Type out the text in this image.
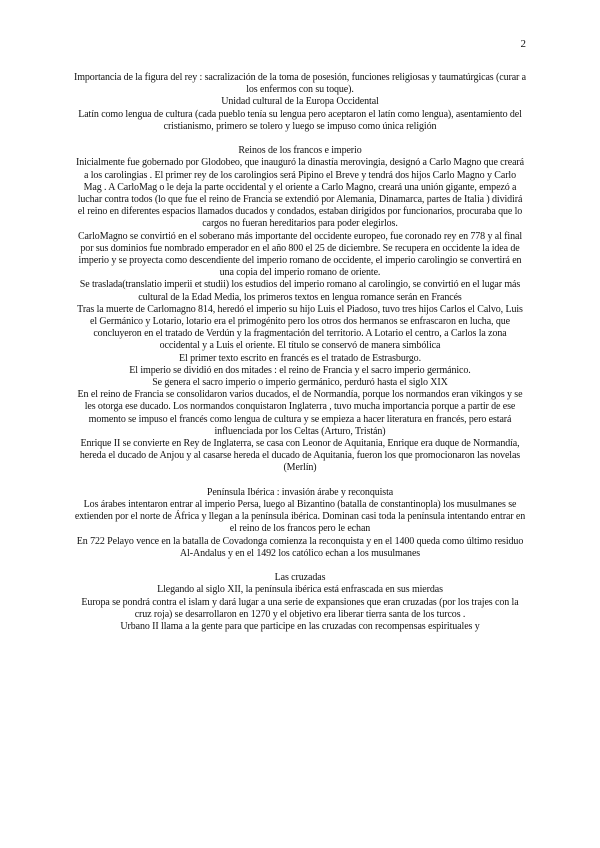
2

Importancia de la figura del rey : sacralización de la toma de posesión, funciones religiosas y taumatúrgicas (curar a los enfermos con su toque).

Unidad cultural de la Europa Occidental

Latín como lengua de cultura (cada pueblo tenía su lengua pero aceptaron el latín como lengua), asentamiento del cristianismo, primero se tolero y luego se impuso como única religión

Reinos de los francos e imperio

Inicialmente fue gobernado por Glodobeo, que inauguró la dinastía merovingia, designó a Carlo Magno que creará a los carolingias . El primer rey de los carolingios será Pipino el Breve y tendrá dos hijos Carlo Magno y Carlo Mag . A CarloMag o le deja la parte occidental y el oriente a Carlo Magno, creará una unión gigante, empezó a luchar contra todos (lo que fue el reino de Francia se extendió por Alemania, Dinamarca, partes de Italia ) dividirá el reino en diferentes espacios llamados ducados y condados, estaban dirigidos por funcionarios, procuraba que lo cargos no fueran hereditarios para poder elegirlos.

CarloMagno se convirtió en el soberano más importante del occidente europeo, fue coronado rey en 778 y al final por sus dominios fue nombrado emperador en el año 800 el 25 de diciembre. Se recupera en occidente la idea de imperio y se proyecta como descendiente del imperio romano de occidente, el imperio carolingio se convertirá en una copia del imperio romano de oriente.

Se traslada(translatio imperii et studii) los estudios del imperio romano al carolingio, se convirtió en el lugar más cultural de la Edad Media, los primeros textos en lengua romance serán en Francés

Tras la muerte de Carlomagno 814, heredó el imperio su hijo Luis el Piadoso, tuvo tres hijos Carlos el Calvo, Luis el Germánico y Lotario, lotario era el primogénito pero los otros dos hermanos se enfrascaron en lucha, que concluyeron en el tratado de Verdún y la fragmentación del territorio. A Lotario el centro, a Carlos la zona occidental y a Luis el oriente. El título se conservó de manera simbólica

El primer texto escrito en francés es el tratado de Estrasburgo.

El imperio se dividió en dos mitades : el reino de Francia y el sacro imperio germánico.

Se genera el sacro imperio o imperio germánico, perduró hasta el siglo XIX

En el reino de Francia se consolidaron varios ducados, el de Normandía, porque los normandos eran vikingos y se les otorga ese ducado. Los normandos conquistaron Inglaterra , tuvo mucha importancia porque a partir de ese momento se impuso el francés como lengua de cultura y se empieza a hacer literatura en francés, pero estará influenciada por los Celtas (Arturo, Tristán)

Enrique II se convierte en Rey de Inglaterra, se casa con Leonor de Aquitania, Enrique era duque de Normandía, hereda el ducado de Anjou y al casarse hereda el ducado de Aquitania, fueron los que promocionaron las novelas (Merlín)

Península Ibérica : invasión árabe y reconquista

Los árabes intentaron entrar al imperio Persa, luego al Bizantino (batalla de constantinopla) los musulmanes se extienden por el norte de África y llegan a la península ibérica. Dominan casi toda la península intentando entrar en el reino de los francos pero le echan

En 722 Pelayo vence en la batalla de Covadonga comienza la reconquista y en el 1400 queda como último residuo Al-Andalus y en el 1492 los católico echan a los musulmanes

Las cruzadas

Llegando al siglo XII, la península ibérica está enfrascada en sus mierdas

Europa se pondrá contra el islam y dará lugar a una serie de expansiones que eran cruzadas (por los trajes con la cruz roja) se desarrollaron en 1270 y el objetivo era liberar tierra santa de los turcos .

Urbano II llama a la gente para que participe en las cruzadas con recompensas espirituales y
